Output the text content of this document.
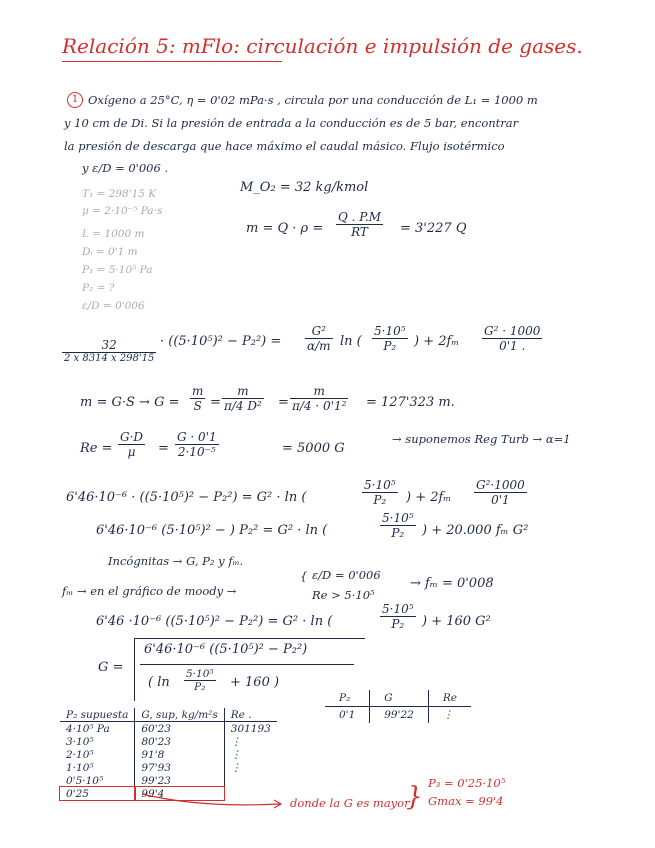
Relación 5: mFlo: circulación e impulsión de gases.
1 Oxígeno a 25°C, η = 0'02 mPa·s , circula por una conducción de L₁ = 1000 m
y 10 cm de Di. Si la presión de entrada a la conducción es de 5 bar, encontrar
la presión de descarga que hace máximo el caudal másico. Flujo isotérmico
y ε/D = 0'006 .
T₁ = 298'15 K
μ = 2·10⁻⁵ Pa·s
L = 1000 m
Dᵢ = 0'1 m
P₁ = 5·10⁵ Pa
P₂ = ?
ε/D = 0'006
M_O₂ = 32 kg/kmol
$m = Q \cdot \rho = \frac{Q . P.M}{RT} = 3'227$ Q
32
2 x 8314 x 298'15
· $((5\cdot 10^5)^2 - P_2^2) = \frac{\text{G²}}{\alpha/m}$ ln ( $\frac{\text{5·10⁵}}{\text{P₂}}$ ) + $2f_m \frac{\text{G² · 1000}}{0'1 .}$
$m = G\cdot S \to G = \frac{m}{S} = \frac{m}{\text{π/4 D²}} = \frac{m}{\text{π/4 · 0'1²}} = 127'323$ m.
$Re = \frac{G\cdot D}{\mu} = \frac{G \cdot 0'1}{\text{2·10⁻⁵}}$	= 5000 G
→ suponemos Reg Turb → α=1
6'46·10⁻⁶ · ((5·10⁵)² − P₂²) = G² · ln (	$\frac{\text{5·10⁵}}{\text{P₂}}$ ) + $2f_m \frac{\text{G²·1000}}{0'1}$
6'46·10⁻⁶ (5·10⁵)² − ) P₂² = G² · ln (	$\frac{\text{5·10⁵}}{\text{P₂}}$ ) + 20.000 fₘ G²
Incógnitas → G, P₂ y fₘ.
fₘ → en el gráfico de moody →
{ ε/D = 0'006
Re > 5·10⁵
→ fₘ = 0'008
6'46 ·10⁻⁶ ((5·10⁵)² − P₂²) = G² · ln (	$\frac{\text{5·10⁵}}{\text{P₂}}$ ) + 160 G²
G =
6'46·10⁻⁶ ((5·10⁵)² − P₂²)
( $\ln \frac{\text{5·10⁵}}{\text{P₂}} + 160$ )
P₂ supuesta	G, sup, kg/m²s	Re .
4·10⁵ Pa	60'23	301193
3·10⁵	80'23	⋮
2·10⁵	91'8	⋮
1·10⁵	97'93	⋮
0'5·10⁵	99'23	
0'25	99'4	
P₂	G	Re
0'1	99'22	⋮
donde la G es mayor
} P₃ = 0'25·10⁵
Gmax = 99'4
